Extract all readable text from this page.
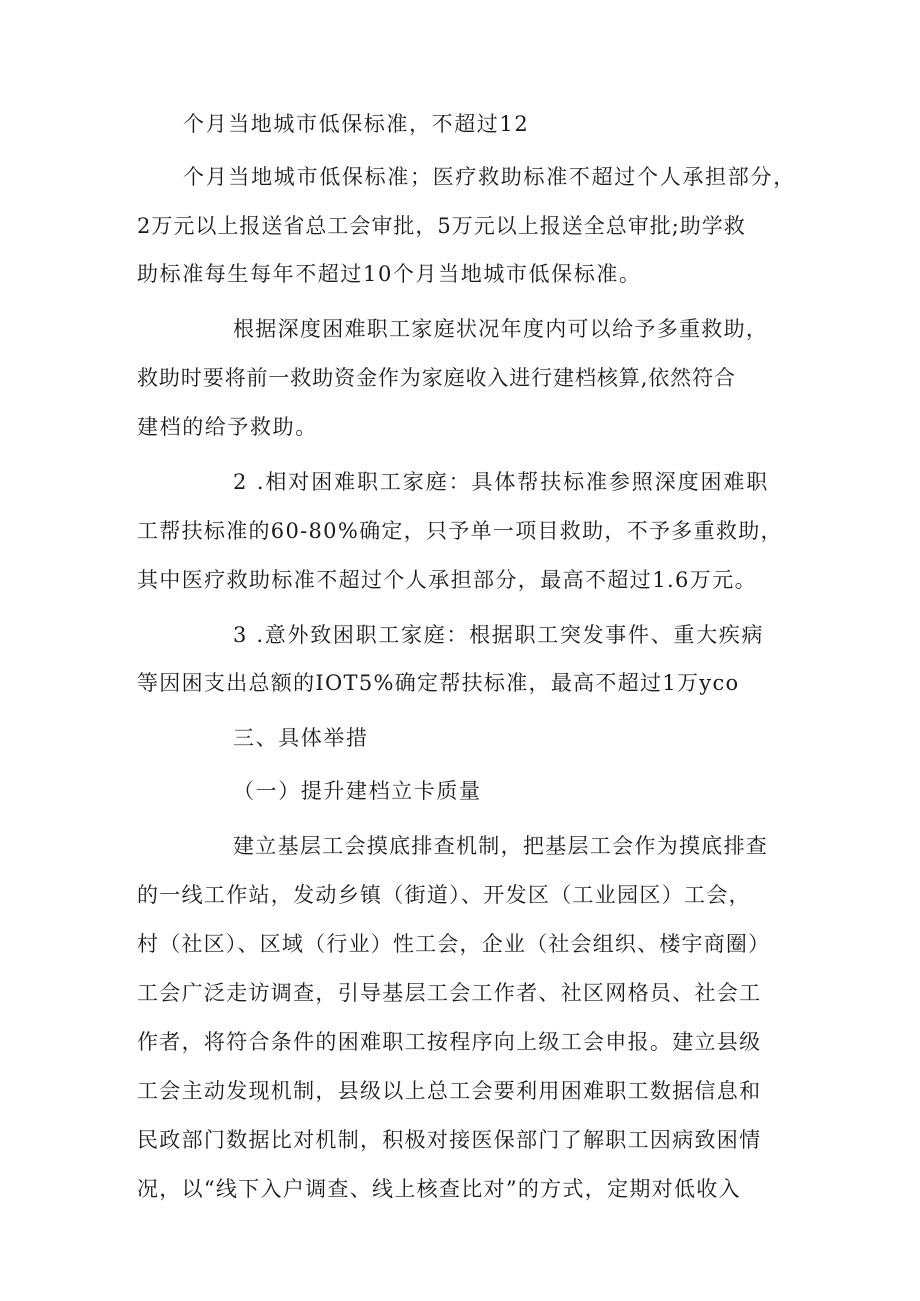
个月当地城市低保标准，不超过12
个月当地城市低保标准；医疗救助标准不超过个人承担部分，
2万元以上报送省总工会审批，5万元以上报送全总审批;助学救
助标准每生每年不超过10个月当地城市低保标准。
根据深度困难职工家庭状况年度内可以给予多重救助，
救助时要将前一救助资金作为家庭收入进行建档核算,依然符合
建档的给予救助。
2 .相对困难职工家庭：具体帮扶标准参照深度困难职
工帮扶标准的60-80%确定，只予单一项目救助，不予多重救助，
其中医疗救助标准不超过个人承担部分，最高不超过1.6万元。
3 .意外致困职工家庭：根据职工突发事件、重大疾病
等因困支出总额的IOT5%确定帮扶标准，最高不超过1万yco
三、具体举措
（一）提升建档立卡质量
建立基层工会摸底排查机制，把基层工会作为摸底排查
的一线工作站，发动乡镇（街道）、开发区（工业园区）工会，
村（社区）、区域（行业）性工会，企业（社会组织、楼宇商圈）
工会广泛走访调查，引导基层工会工作者、社区网格员、社会工
作者，将符合条件的困难职工按程序向上级工会申报。建立县级
工会主动发现机制，县级以上总工会要利用困难职工数据信息和
民政部门数据比对机制，积极对接医保部门了解职工因病致困情
况，以“线下入户调查、线上核查比对”的方式，定期对低收入
